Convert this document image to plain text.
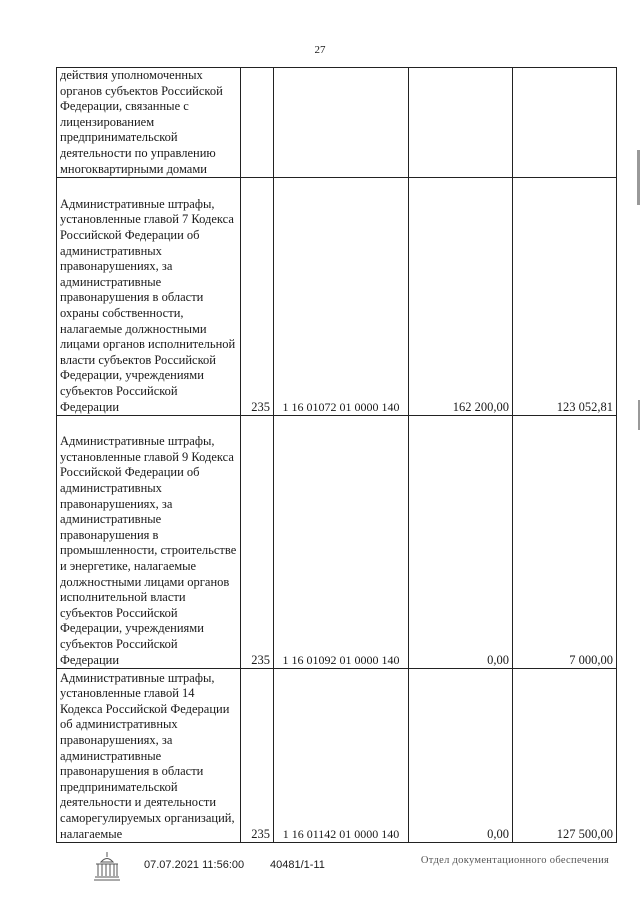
27
действия уполномоченных органов субъектов Российской Федерации, связанные с лицензированием предпринимательской деятельности по управлению многоквартирными домами				
Административные штрафы, установленные главой 7 Кодекса Российской Федерации об административных правонарушениях, за административные правонарушения в области охраны собственности, налагаемые должностными лицами органов исполнительной власти субъектов Российской Федерации, учреждениями субъектов Российской Федерации	235	1 16 01072 01 0000 140	162 200,00	123 052,81
Административные штрафы, установленные главой 9 Кодекса Российской Федерации об административных правонарушениях, за административные правонарушения в промышленности, строительстве и энергетике, налагаемые должностными лицами органов исполнительной власти субъектов Российской Федерации, учреждениями субъектов Российской Федерации	235	1 16 01092 01 0000 140	0,00	7 000,00
Административные штрафы, установленные главой 14 Кодекса Российской Федерации об административных правонарушениях, за административные правонарушения в области предпринимательской деятельности и деятельности саморегулируемых организаций, налагаемые	235	1 16 01142 01 0000 140	0,00	127 500,00
07.07.2021 11:56:00 40481/1-11	Отдел документационного обеспечения
